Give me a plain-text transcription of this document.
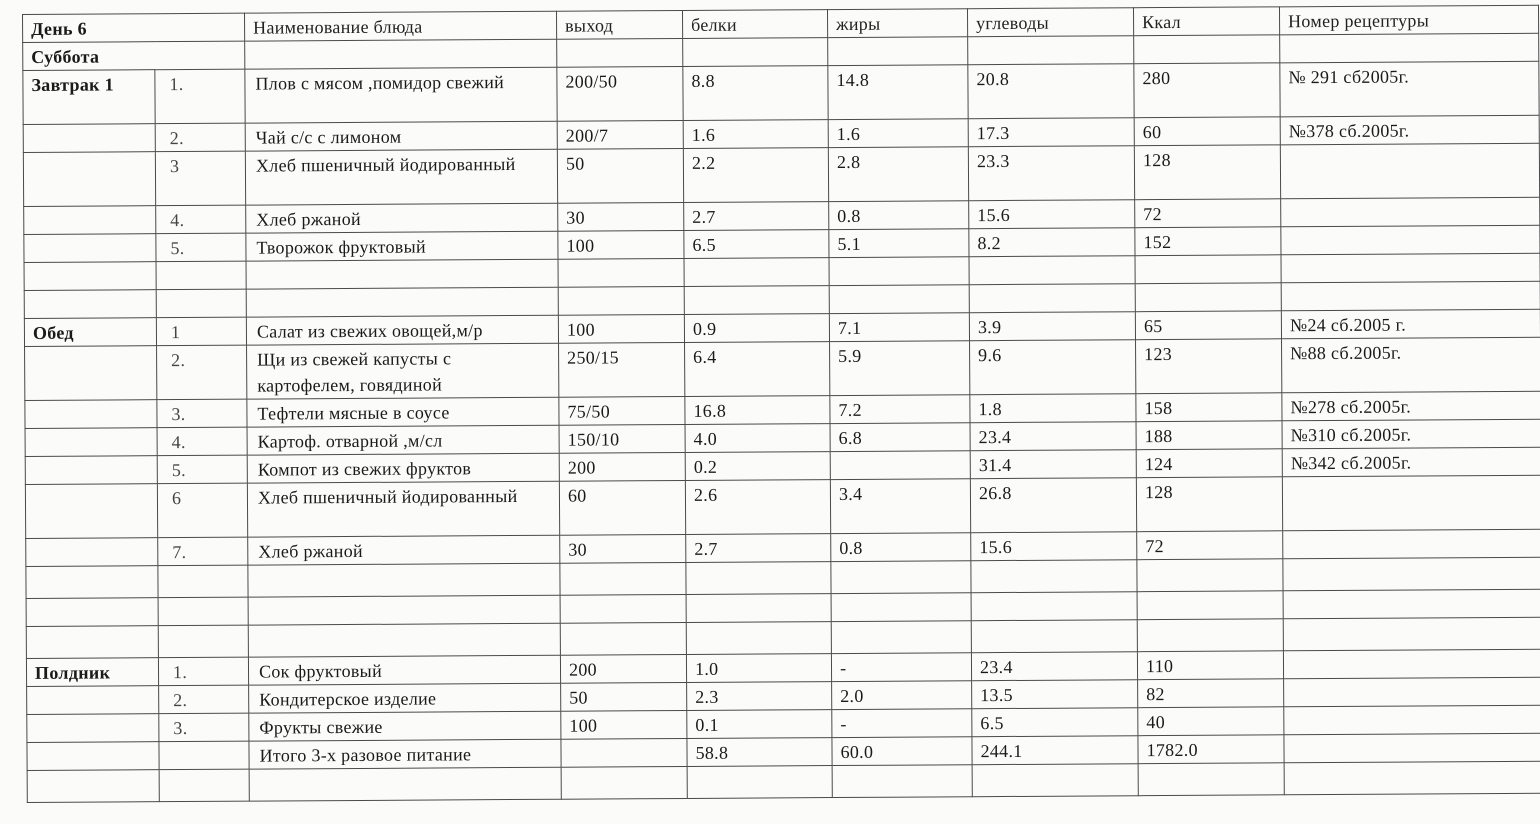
День 6		Наименование блюда	выход	белки	жиры	углеводы	Ккал	Номер рецептуры
Суббота								
Завтрак 1	1.	Плов с мясом ,помидор свежий	200/50	8.8	14.8	20.8	280	№ 291 сб2005г.
	2.	Чай с/с с лимоном	200/7	1.6	1.6	17.3	60	№378 сб.2005г.
	3	Хлеб пшеничный йодированный	50	2.2	2.8	23.3	128	
	4.	Хлеб ржаной	30	2.7	0.8	15.6	72	
	5.	Творожок фруктовый	100	6.5	5.1	8.2	152	

Обед	1	Салат из свежих овощей,м/р	100	0.9	7.1	3.9	65	№24 сб.2005 г.
	2.	Щи из свежей капусты с картофелем, говядиной	250/15	6.4	5.9	9.6	123	№88 сб.2005г.
	3.	Тефтели мясные в соусе	75/50	16.8	7.2	1.8	158	№278 сб.2005г.
	4.	Картоф. отварной ,м/сл	150/10	4.0	6.8	23.4	188	№310 сб.2005г.
	5.	Компот из свежих фруктов	200	0.2		31.4	124	№342 сб.2005г.
	6	Хлеб пшеничный йодированный	60	2.6	3.4	26.8	128	
	7.	Хлеб ржаной	30	2.7	0.8	15.6	72	

Полдник	1.	Сок фруктовый	200	1.0	-	23.4	110	
	2.	Кондитерское изделие	50	2.3	2.0	13.5	82	
	3.	Фрукты свежие	100	0.1	-	6.5	40	
		Итого 3-х разовое питание		58.8	60.0	244.1	1782.0	
